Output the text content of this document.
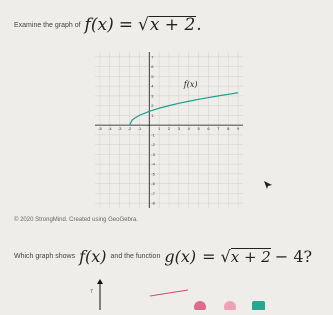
Examine the graph of f ( x ) = √ x + 2 .
-5 -4 -3 -2 -1	1 2 3 4 5 6 7 8 9
7
6
5
4
3
2
1
-1
-2
-3
-4
-5
-6
-7
-8
f(x)
© 2020 StrongMind. Created using GeoGebra.
Which graph shows f(x) and the function g(x) = √ x + 2 − 4?
7
